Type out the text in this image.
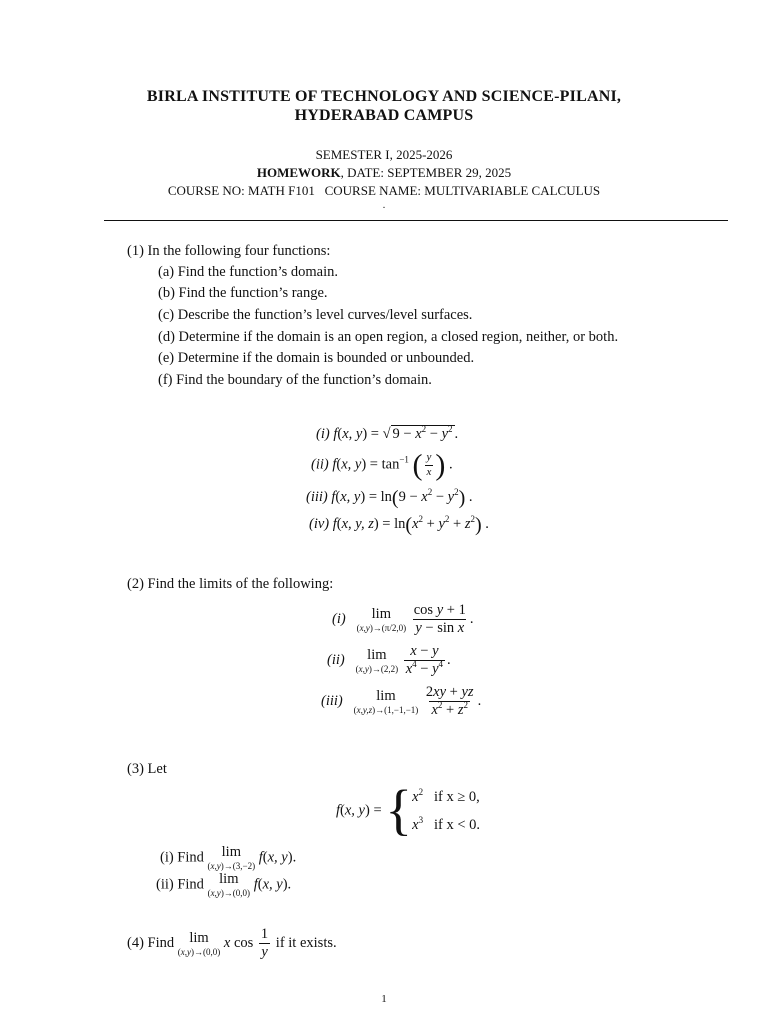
BIRLA INSTITUTE OF TECHNOLOGY AND SCIENCE-PILANI,
HYDERABAD CAMPUS
SEMESTER I, 2025-2026
HOMEWORK, DATE: SEPTEMBER 29, 2025
COURSE NO: MATH F101 COURSE NAME: MULTIVARIABLE CALCULUS
.
(1) In the following four functions:
(a) Find the function’s domain.
(b) Find the function’s range.
(c) Describe the function’s level curves/level surfaces.
(d) Determine if the domain is an open region, a closed region, neither, or both.
(e) Determine if the domain is bounded or unbounded.
(f) Find the boundary of the function’s domain.
(i) f(x, y) = √ $9 - x^2 - y^2$ .
(ii) f(x, $y) = \tan^{-1}$ ( $\frac{y}{x}$ ) .
(iii) f(x, $y) = \ln(9 - x^2 - y^2)$ .
(iv) f(x, y, $z) = \ln(x^2 + y^2 + z^2)$ .
(2) Find the limits of the following:
(i) lim
(x,y)→(π/2,0)
$\frac{\text{cos y + 1}}{\text{y − sin x}}$ .
(ii) lim
(x,y)→(2,2)
$\frac{x - y}{x^4 - y^4}$ .
(iii) lim
(x,y,z)→(1,−1,−1)
$\frac{2xy + yz}{x^2 + z^2}$ .
(3) Let
f(x, y) = { $x^2$ if x ≥ 0,
$x^3$ if x < 0.
(i) Find lim
(x,y)→(3,−2)
f(x, y).
(ii) Find lim
(x,y)→(0,0)
f(x, y).
(4) Find lim
(x,y)→(0,0)
x $\cos \frac{1}{y}$ if it exists.
1
